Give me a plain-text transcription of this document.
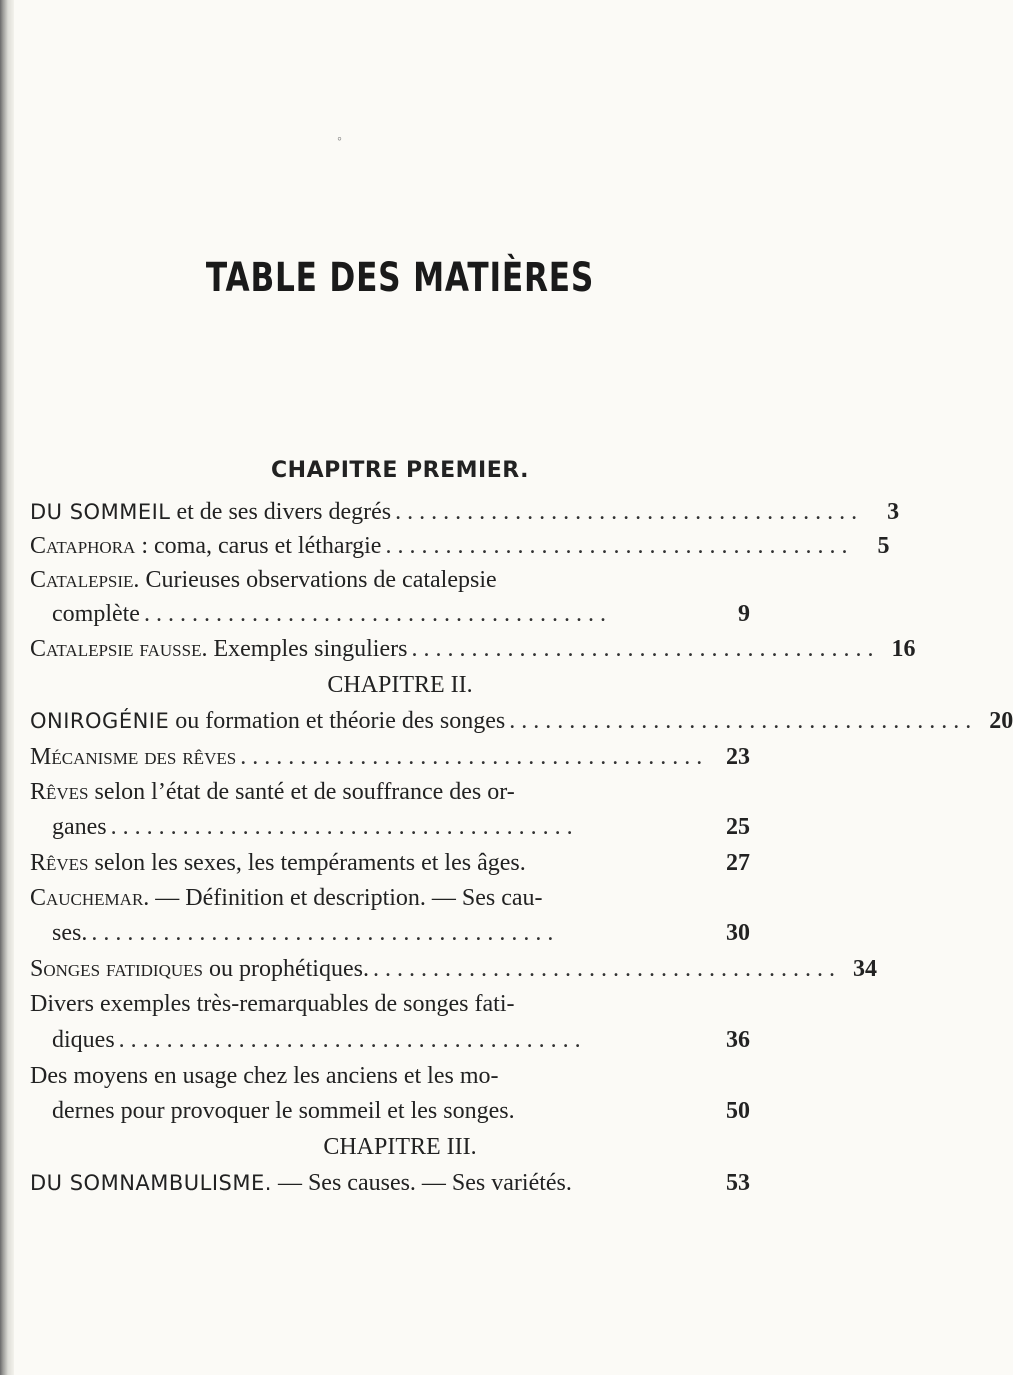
◦
TABLE DES MATIÈRES
CHAPITRE PREMIER.
DU SOMMEIL et de ses divers degrés . . . . . . . . . . . . . . . . . . . . . . . . . . . . . . . . . . . . . . .	3
Cataphora : coma, carus et léthargie . . . . . . . . . . . . . . . . . . . . . . . . . . . . . . . . . . . . . . .	5
Catalepsie. Curieuses observations de catalepsie
complète . . . . . . . . . . . . . . . . . . . . . . . . . . . . . . . . . . . . . . .	9
Catalepsie fausse. Exemples singuliers . . . . . . . . . . . . . . . . . . . . . . . . . . . . . . . . . . . . . . . 16
CHAPITRE II.
ONIROGÉNIE ou formation et théorie des songes . . . . . . . . . . . . . . . . . . . . . . . . . . . . . . . . . . . . . . . 20
Mécanisme des rêves . . . . . . . . . . . . . . . . . . . . . . . . . . . . . . . . . . . . . . . 23
Rêves selon l’état de santé et de souffrance des or-
ganes . . . . . . . . . . . . . . . . . . . . . . . . . . . . . . . . . . . . . . .	25
Rêves selon les sexes, les tempéraments et les âges.	27
Cauchemar. — Définition et description. — Ses cau-
ses. . . . . . . . . . . . . . . . . . . . . . . . . . . . . . . . . . . . . . . .	30
Songes fatidiques ou prophétiques. . . . . . . . . . . . . . . . . . . . . . . . . . . . . . . . . . . . . . . . 34
Divers exemples très-remarquables de songes fati-
diques . . . . . . . . . . . . . . . . . . . . . . . . . . . . . . . . . . . . . . .	36
Des moyens en usage chez les anciens et les mo-
dernes pour provoquer le sommeil et les songes.	50
CHAPITRE III.
DU SOMNAMBULISME. — Ses causes. — Ses variétés.	53
